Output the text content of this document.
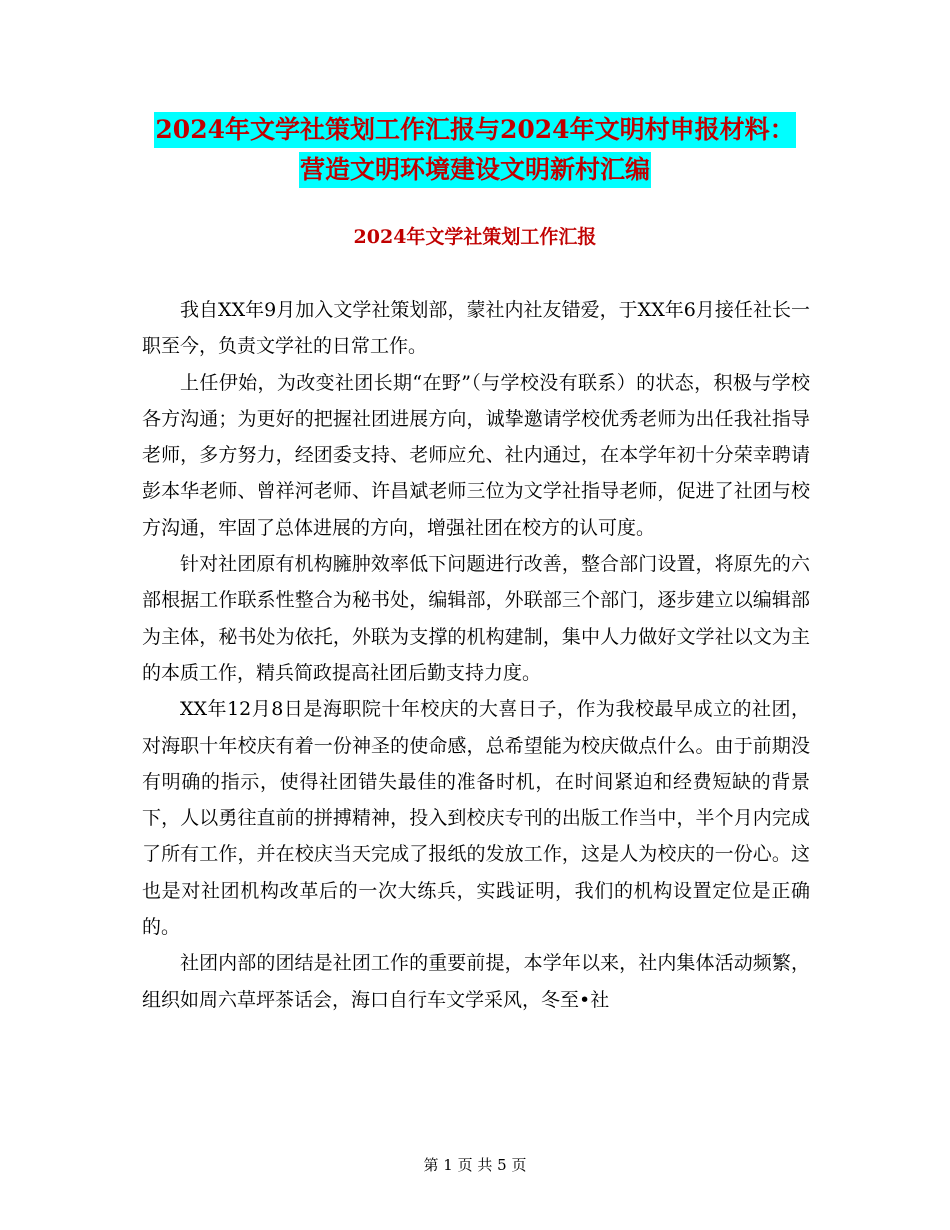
2024年文学社策划工作汇报与2024年文明村申报材料：
营造文明环境建设文明新村汇编
2024年文学社策划工作汇报

我自XX年9月加入文学社策划部，蒙社内社友错爱，于XX年6月接任社长一职至今，负责文学社的日常工作。

上任伊始，为改变社团长期“在野”（与学校没有联系）的状态，积极与学校各方沟通；为更好的把握社团进展方向，诚挚邀请学校优秀老师为出任我社指导老师，多方努力，经团委支持、老师应允、社内通过，在本学年初十分荣幸聘请彭本华老师、曾祥河老师、许昌斌老师三位为文学社指导老师，促进了社团与校方沟通，牢固了总体进展的方向，增强社团在校方的认可度。

针对社团原有机构臃肿效率低下问题进行改善，整合部门设置，将原先的六部根据工作联系性整合为秘书处，编辑部，外联部三个部门，逐步建立以编辑部为主体，秘书处为依托，外联为支撑的机构建制，集中人力做好文学社以文为主的本质工作，精兵简政提高社团后勤支持力度。

XX年12月8日是海职院十年校庆的大喜日子，作为我校最早成立的社团，对海职十年校庆有着一份神圣的使命感，总希望能为校庆做点什么。由于前期没有明确的指示，使得社团错失最佳的准备时机，在时间紧迫和经费短缺的背景下，人以勇往直前的拼搏精神，投入到校庆专刊的出版工作当中，半个月内完成了所有工作，并在校庆当天完成了报纸的发放工作，这是人为校庆的一份心。这也是对社团机构改革后的一次大练兵，实践证明，我们的机构设置定位是正确的。

社团内部的团结是社团工作的重要前提，本学年以来，社内集体活动频繁，组织如周六草坪茶话会，海口自行车文学采风，冬至•社

第 1 页 共 5 页
